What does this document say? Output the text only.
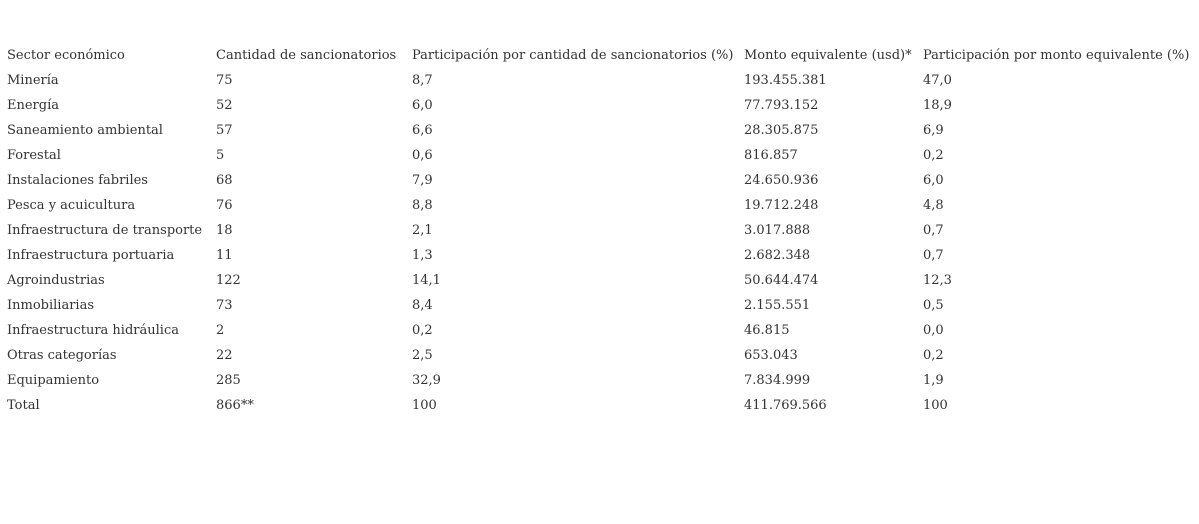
Sector económico	Cantidad de sancionatorios	Participación por cantidad de sancionatorios (%)	Monto equivalente (usd)*	Participación por monto equivalente (%)
Minería	75	8,7	193.455.381	47,0
Energía	52	6,0	77.793.152	18,9
Saneamiento ambiental	57	6,6	28.305.875	6,9
Forestal	5	0,6	816.857	0,2
Instalaciones fabriles	68	7,9	24.650.936	6,0
Pesca y acuicultura	76	8,8	19.712.248	4,8
Infraestructura de transporte	18	2,1	3.017.888	0,7
Infraestructura portuaria	11	1,3	2.682.348	0,7
Agroindustrias	122	14,1	50.644.474	12,3
Inmobiliarias	73	8,4	2.155.551	0,5
Infraestructura hidráulica	2	0,2	46.815	0,0
Otras categorías	22	2,5	653.043	0,2
Equipamiento	285	32,9	7.834.999	1,9
Total	866**	100	411.769.566	100
